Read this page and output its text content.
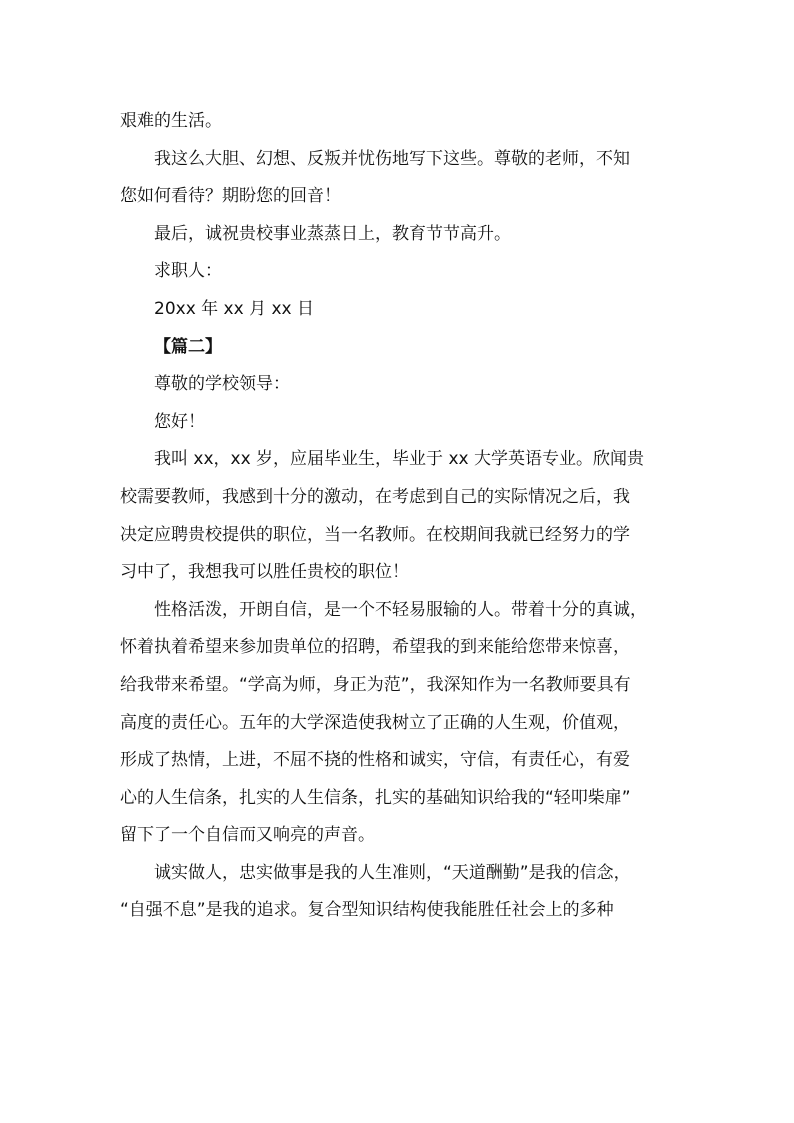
艰难的生活。
我这么大胆、幻想、反叛并忧伤地写下这些。尊敬的老师，不知
您如何看待？期盼您的回音！
最后，诚祝贵校事业蒸蒸日上，教育节节高升。
求职人：
20xx 年 xx 月 xx 日
【篇二】
尊敬的学校领导：
您好！
我叫 xx，xx 岁，应届毕业生，毕业于 xx 大学英语专业。欣闻贵
校需要教师，我感到十分的激动，在考虑到自己的实际情况之后，我
决定应聘贵校提供的职位，当一名教师。在校期间我就已经努力的学
习中了，我想我可以胜任贵校的职位！
性格活泼，开朗自信，是一个不轻易服输的人。带着十分的真诚，
怀着执着希望来参加贵单位的招聘，希望我的到来能给您带来惊喜，
给我带来希望。“学高为师，身正为范”，我深知作为一名教师要具有
高度的责任心。五年的大学深造使我树立了正确的人生观，价值观，
形成了热情，上进，不屈不挠的性格和诚实，守信，有责任心，有爱
心的人生信条，扎实的人生信条，扎实的基础知识给我的“轻叩柴扉”
留下了一个自信而又响亮的声音。
诚实做人，忠实做事是我的人生准则，“天道酬勤”是我的信念，
“自强不息”是我的追求。复合型知识结构使我能胜任社会上的多种
